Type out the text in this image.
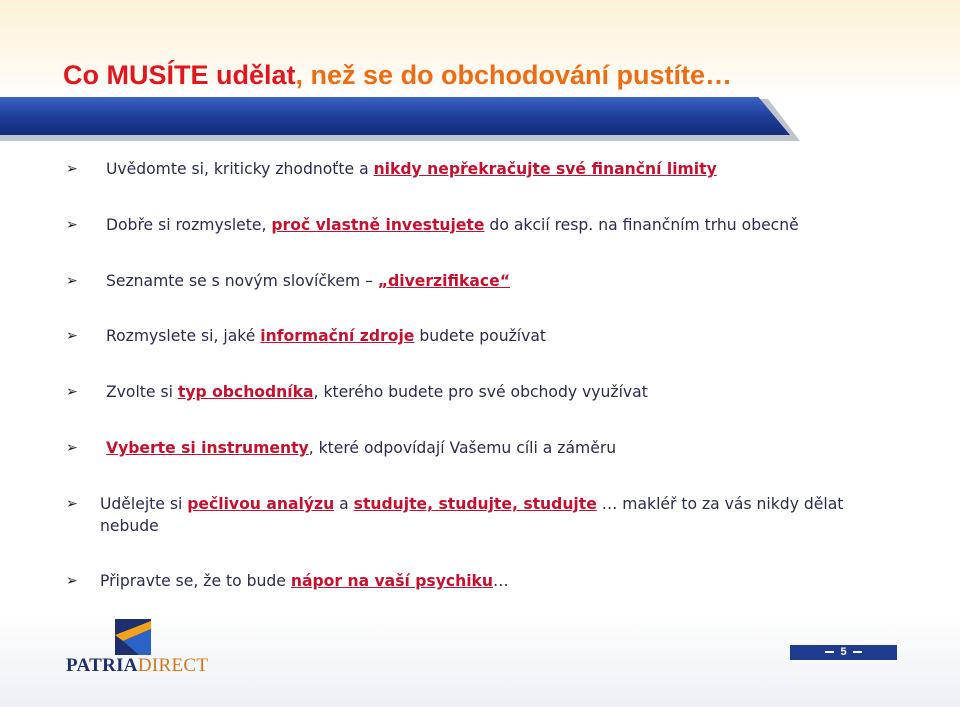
Co MUSÍTE udělat, než se do obchodování pustíte…
➢ Uvědomte si, kriticky zhodnoťte a nikdy nepřekračujte své finanční limity
➢ Dobře si rozmyslete, proč vlastně investujete do akcií resp. na finančním trhu obecně
➢ Seznamte se s novým slovíčkem – „diverzifikace“
➢ Rozmyslete si, jaké informační zdroje budete používat
➢ Zvolte si typ obchodníka, kterého budete pro své obchody využívat
➢ Vyberte si instrumenty, které odpovídají Vašemu cíli a záměru
➢ Udělejte si pečlivou analýzu a studujte, studujte, studujte … makléř to za vás nikdy dělat nebude
➢ Připravte se, že to bude nápor na vaší psychiku…
PATRIADIRECT
5
